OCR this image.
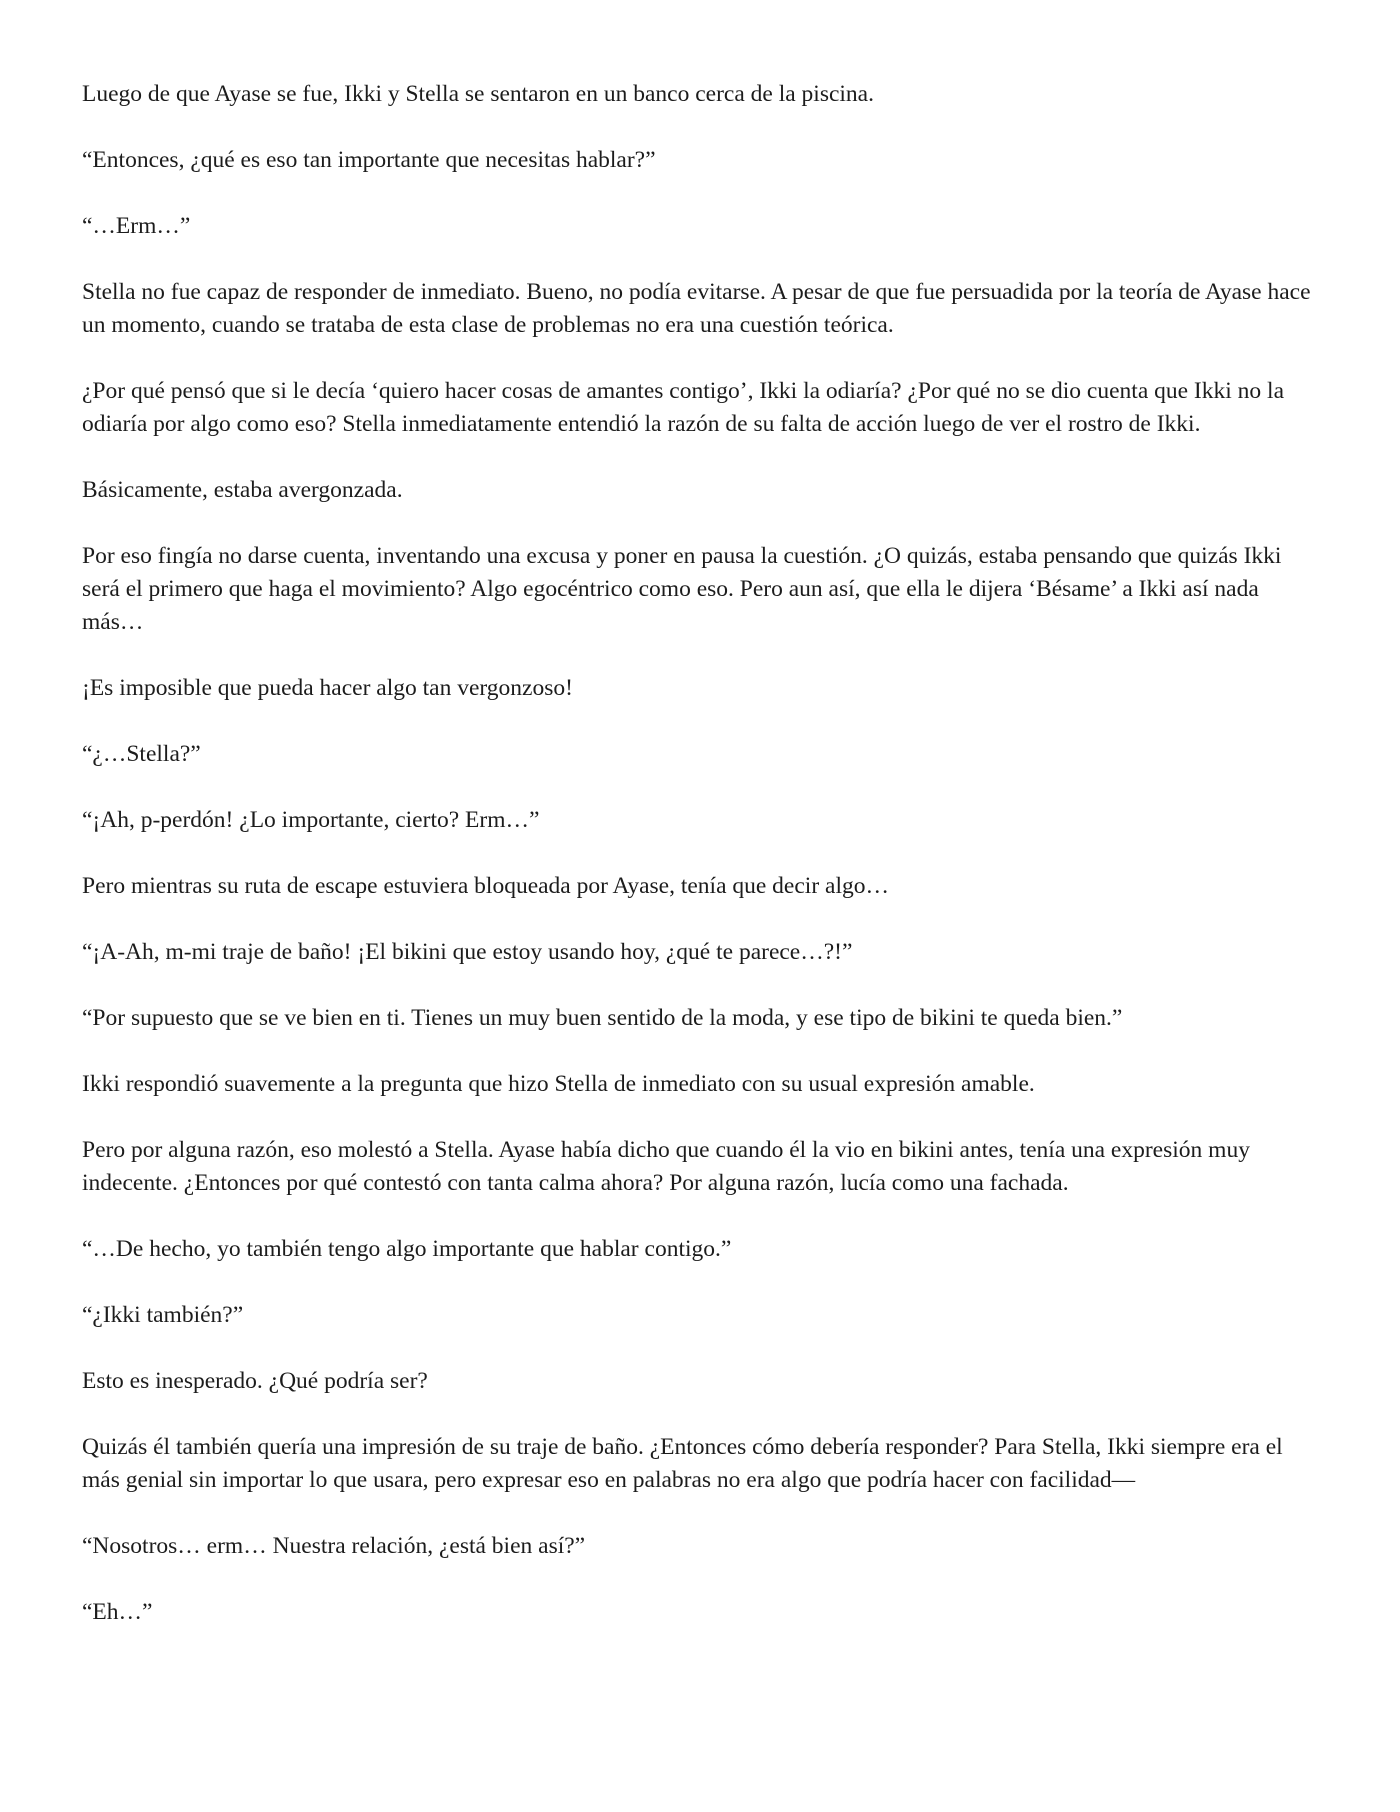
Luego de que Ayase se fue, Ikki y Stella se sentaron en un banco cerca de la piscina.

“Entonces, ¿qué es eso tan importante que necesitas hablar?”

“…Erm…”

Stella no fue capaz de responder de inmediato. Bueno, no podía evitarse. A pesar de que fue persuadida por la teoría de Ayase hace un momento, cuando se trataba de esta clase de problemas no era una cuestión teórica.

¿Por qué pensó que si le decía ‘quiero hacer cosas de amantes contigo’, Ikki la odiaría? ¿Por qué no se dio cuenta que Ikki no la odiaría por algo como eso? Stella inmediatamente entendió la razón de su falta de acción luego de ver el rostro de Ikki.

Básicamente, estaba avergonzada.

Por eso fingía no darse cuenta, inventando una excusa y poner en pausa la cuestión. ¿O quizás, estaba pensando que quizás Ikki será el primero que haga el movimiento? Algo egocéntrico como eso. Pero aun así, que ella le dijera ‘Bésame’ a Ikki así nada más…

¡Es imposible que pueda hacer algo tan vergonzoso!

“¿…Stella?”

“¡Ah, p-perdón! ¿Lo importante, cierto? Erm…”

Pero mientras su ruta de escape estuviera bloqueada por Ayase, tenía que decir algo…

“¡A-Ah, m-mi traje de baño! ¡El bikini que estoy usando hoy, ¿qué te parece…?!”

“Por supuesto que se ve bien en ti. Tienes un muy buen sentido de la moda, y ese tipo de bikini te queda bien.”

Ikki respondió suavemente a la pregunta que hizo Stella de inmediato con su usual expresión amable.

Pero por alguna razón, eso molestó a Stella. Ayase había dicho que cuando él la vio en bikini antes, tenía una expresión muy indecente. ¿Entonces por qué contestó con tanta calma ahora? Por alguna razón, lucía como una fachada.

“…De hecho, yo también tengo algo importante que hablar contigo.”

“¿Ikki también?”

Esto es inesperado. ¿Qué podría ser?

Quizás él también quería una impresión de su traje de baño. ¿Entonces cómo debería responder? Para Stella, Ikki siempre era el más genial sin importar lo que usara, pero expresar eso en palabras no era algo que podría hacer con facilidad—

“Nosotros… erm… Nuestra relación, ¿está bien así?”

“Eh…”
